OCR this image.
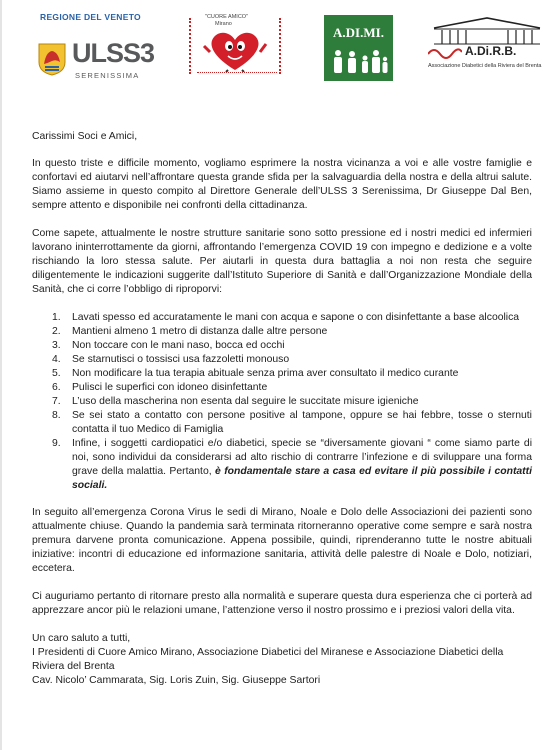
REGIONE DEL VENETO
ULSS3
SERENISSIMA
"CUORE AMICO"
Mirano
A.DI.MI.
A.Di.R.B.
Associazione Diabetici della Riviera del Brenta

Carissimi Soci e Amici,

In questo triste e difficile momento, vogliamo esprimere la nostra vicinanza a voi e alle vostre famiglie e confortavi ed aiutarvi nell’affrontare questa grande sfida per la salvaguardia della nostra e della altrui salute. Siamo assieme in questo compito al Direttore Generale dell’ULSS 3 Serenissima, Dr Giuseppe Dal Ben, sempre attento e disponibile nei confronti della cittadinanza.

Come sapete, attualmente le nostre strutture sanitarie sono sotto pressione ed i nostri medici ed infermieri lavorano ininterrottamente da giorni, affrontando l’emergenza COVID 19 con impegno e dedizione e a volte rischiando la loro stessa salute. Per aiutarli in questa dura battaglia a noi non resta che seguire diligentemente le indicazioni suggerite dall’Istituto Superiore di Sanità e dall’Organizzazione Mondiale della Sanità, che ci corre l’obbligo di riproporvi:

1. Lavati spesso ed accuratamente le mani con acqua e sapone o con disinfettante a base alcoolica
2. Mantieni almeno 1 metro di distanza dalle altre persone
3. Non toccare con le mani naso, bocca ed occhi
4. Se starnutisci o tossisci usa fazzoletti monouso
5. Non modificare la tua terapia abituale senza prima aver consultato il medico curante
6. Pulisci le superfici con idoneo disinfettante
7. L’uso della mascherina non esenta dal seguire le succitate misure igieniche
8. Se sei stato a contatto con persone positive al tampone, oppure se hai febbre, tosse o sternuti contatta il tuo Medico di Famiglia
9. Infine, i soggetti cardiopatici e/o diabetici, specie se “diversamente giovani “ come siamo parte di noi, sono individui da considerarsi ad alto rischio di contrarre l’infezione e di sviluppare una forma grave della malattia. Pertanto, è fondamentale stare a casa ed evitare il più possibile i contatti sociali.

In seguito all’emergenza Corona Virus le sedi di Mirano, Noale e Dolo delle Associazioni dei pazienti sono attualmente chiuse. Quando la pandemia sarà terminata ritorneranno operative come sempre e sarà nostra premura darvene pronta comunicazione. Appena possibile, quindi, riprenderanno tutte le nostre abituali iniziative: incontri di educazione ed informazione sanitaria, attività delle palestre di Noale e Dolo, notiziari, eccetera.

Ci auguriamo pertanto di ritornare presto alla normalità e superare questa dura esperienza che ci porterà ad apprezzare ancor più le relazioni umane, l’attenzione verso il nostro prossimo e i preziosi valori della vita.

Un caro saluto a tutti,

I Presidenti di Cuore Amico Mirano, Associazione Diabetici del Miranese e Associazione Diabetici della Riviera del Brenta

Cav. Nicolo’ Cammarata, Sig. Loris Zuin, Sig. Giuseppe Sartori
